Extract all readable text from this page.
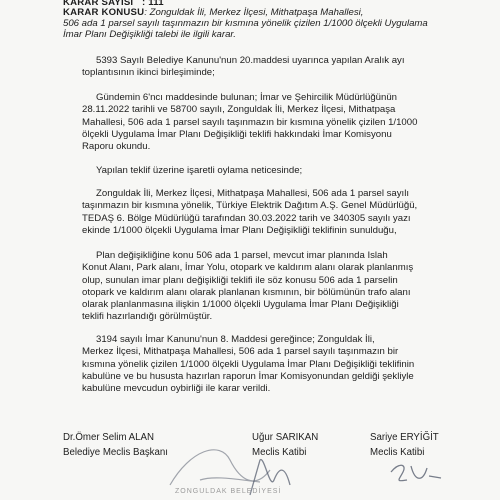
KARAR SAYISI : 111
KARAR KONUSU: Zonguldak İli, Merkez İlçesi, Mithatpaşa Mahallesi,
506 ada 1 parsel sayılı taşınmazın bir kısmına yönelik çizilen 1/1000 ölçekli Uygulama
İmar Planı Değişikliği talebi ile ilgili karar.
5393 Sayılı Belediye Kanunu'nun 20.maddesi uyarınca yapılan Aralık ayı
toplantısının ikinci birleşiminde;
Gündemin 6'ncı maddesinde bulunan; İmar ve Şehircilik Müdürlüğünün
28.11.2022 tarihli ve 58700 sayılı, Zonguldak İli, Merkez İlçesi, Mithatpaşa
Mahallesi, 506 ada 1 parsel sayılı taşınmazın bir kısmına yönelik çizilen 1/1000
ölçekli Uygulama İmar Planı Değişikliği teklifi hakkındaki İmar Komisyonu
Raporu okundu.
Yapılan teklif üzerine işaretli oylama neticesinde;
Zonguldak İli, Merkez İlçesi, Mithatpaşa Mahallesi, 506 ada 1 parsel sayılı
taşınmazın bir kısmına yönelik, Türkiye Elektrik Dağıtım A.Ş. Genel Müdürlüğü,
TEDAŞ 6. Bölge Müdürlüğü tarafından 30.03.2022 tarih ve 340305 sayılı yazı
ekinde 1/1000 ölçekli Uygulama İmar Planı Değişikliği teklifinin sunulduğu,
Plan değişikliğine konu 506 ada 1 parsel, mevcut imar planında Islah
Konut Alanı, Park alanı, İmar Yolu, otopark ve kaldırım alanı olarak planlanmış
olup, sunulan imar planı değişikliği teklifi ile söz konusu 506 ada 1 parselin
otopark ve kaldırım alanı olarak planlanan kısmının, bir bölümünün trafo alanı
olarak planlanmasına ilişkin 1/1000 ölçekli Uygulama İmar Planı Değişikliği
teklifi hazırlandığı görülmüştür.
3194 sayılı İmar Kanunu'nun 8. Maddesi gereğince; Zonguldak İli,
Merkez İlçesi, Mithatpaşa Mahallesi, 506 ada 1 parsel sayılı taşınmazın bir
kısmına yönelik çizilen 1/1000 ölçekli Uygulama İmar Planı Değişikliği teklifinin
kabulüne ve bu hususta hazırlan raporun İmar Komisyonundan geldiği şekliyle
kabulüne mevcudun oybirliği ile karar verildi.
Dr.Ömer Selim ALAN
Belediye Meclis Başkanı
Uğur SARIKAN
Meclis Katibi
Sariye ERYİĞİT
Meclis Katibi
ZONGULDAK BELEDİYESİ
